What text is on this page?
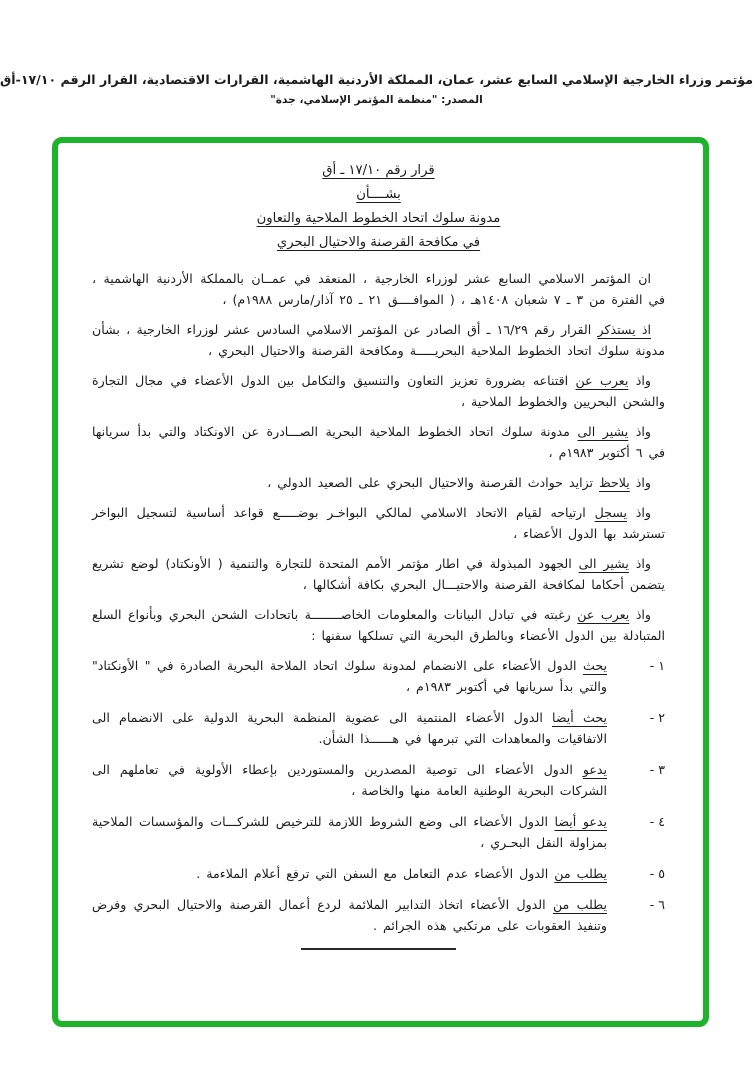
مؤتمر وزراء الخارجية الإسلامي السابع عشر، عمان، المملكة الأردنية الهاشمية، القرارات الاقتصادية، القرار الرقم ١٧/١٠-أق
المصدر: "منظمة المؤتمر الإسلامي، جدة"
قرار رقم ١٧/١٠ ـ أق
بشــــأن
مدونة سلوك اتحاد الخطوط الملاحية والتعاون
في مكافحة القرصنة والاحتيال البحري

ان المؤتمر الاسلامي السابع عشر لوزراء الخارجية ، المنعقد في عمــان بالمملكة الأردنية الهاشمية ، في الفترة من ٣ ـ ٧ شعبان ١٤٠٨هـ ، ( الموافــــق ٢١ ـ ٢٥ آذار/مارس ١٩٨٨م) ،

اذ يستذكر القرار رقم ١٦/٢٩ ـ أق الصادر عن المؤتمر الاسلامي السادس عشر لوزراء الخارجية ، بشأن مدونة سلوك اتحاد الخطوط الملاحية البحريـــــة ومكافحة القرصنة والاحتيال البحري ،

واذ يعرب عن اقتناعه بضرورة تعزيز التعاون والتنسيق والتكامل بين الدول الأعضاء في مجال التجارة والشحن البحريين والخطوط الملاحية ،

واذ يشير الى مدونة سلوك اتحاد الخطوط الملاحية البحرية الصـــادرة عن الاونكتاد والتي بدأ سريانها في ٦ أكتوبر ١٩٨٣م ،

واذ يلاحظ تزايد حوادث القرصنة والاحتيال البحري على الصعيد الدولي ،

واذ يسجل ارتياحه لقيام الاتحاد الاسلامي لمالكي البواخـر بوضـــــع قواعد أساسية لتسجيل البواخر تسترشد بها الدول الأعضاء ،

واذ يشير الى الجهود المبذولة في اطار مؤتمر الأمم المتحدة للتجارة والتنمية ( الأونكتاد) لوضع تشريع يتضمن أحكاما لمكافحة القرصنة والاحتيـــال البحري بكافة أشكالها ،

واذ يعرب عن رغبته في تبادل البيانات والمعلومات الخاصــــــــة باتحادات الشحن البحري وبأنواع السلع المتبادلة بين الدول الأعضاء وبالطرق البحرية التي تسلكها سفنها :

١ -
يحث الدول الأعضاء على الانضمام لمدونة سلوك اتحاد الملاحة البحرية الصادرة في " الأونكتاد" والتي بدأ سريانها في أكتوبر ١٩٨٣م ،
٢ -
يحث أيضا الدول الأعضاء المنتمية الى عضوية المنظمة البحرية الدولية على الانضمام الى الاتفاقيات والمعاهدات التي تبرمها في هــــــذا الشأن.
٣ -
يدعو الدول الأعضاء الى توصية المصدرين والمستوردين بإعطاء الأولوية في تعاملهم الى الشركات البحرية الوطنية العامة منها والخاصة ،
٤ -
يدعو أيضا الدول الأعضاء الى وضع الشروط اللازمة للترخيص للشركـــات والمؤسسات الملاحية بمزاولة النقل البحـري ،
٥ -
يطلب من الدول الأعضاء عدم التعامل مع السفن التي ترفع أعلام الملاءمة .
٦ -
يطلب من الدول الأعضاء اتخاذ التدابير الملائمة لردع أعمال القرصنة والاحتيال البحري وفرض وتنفيذ العقوبات على مرتكبي هذه الجرائم .
